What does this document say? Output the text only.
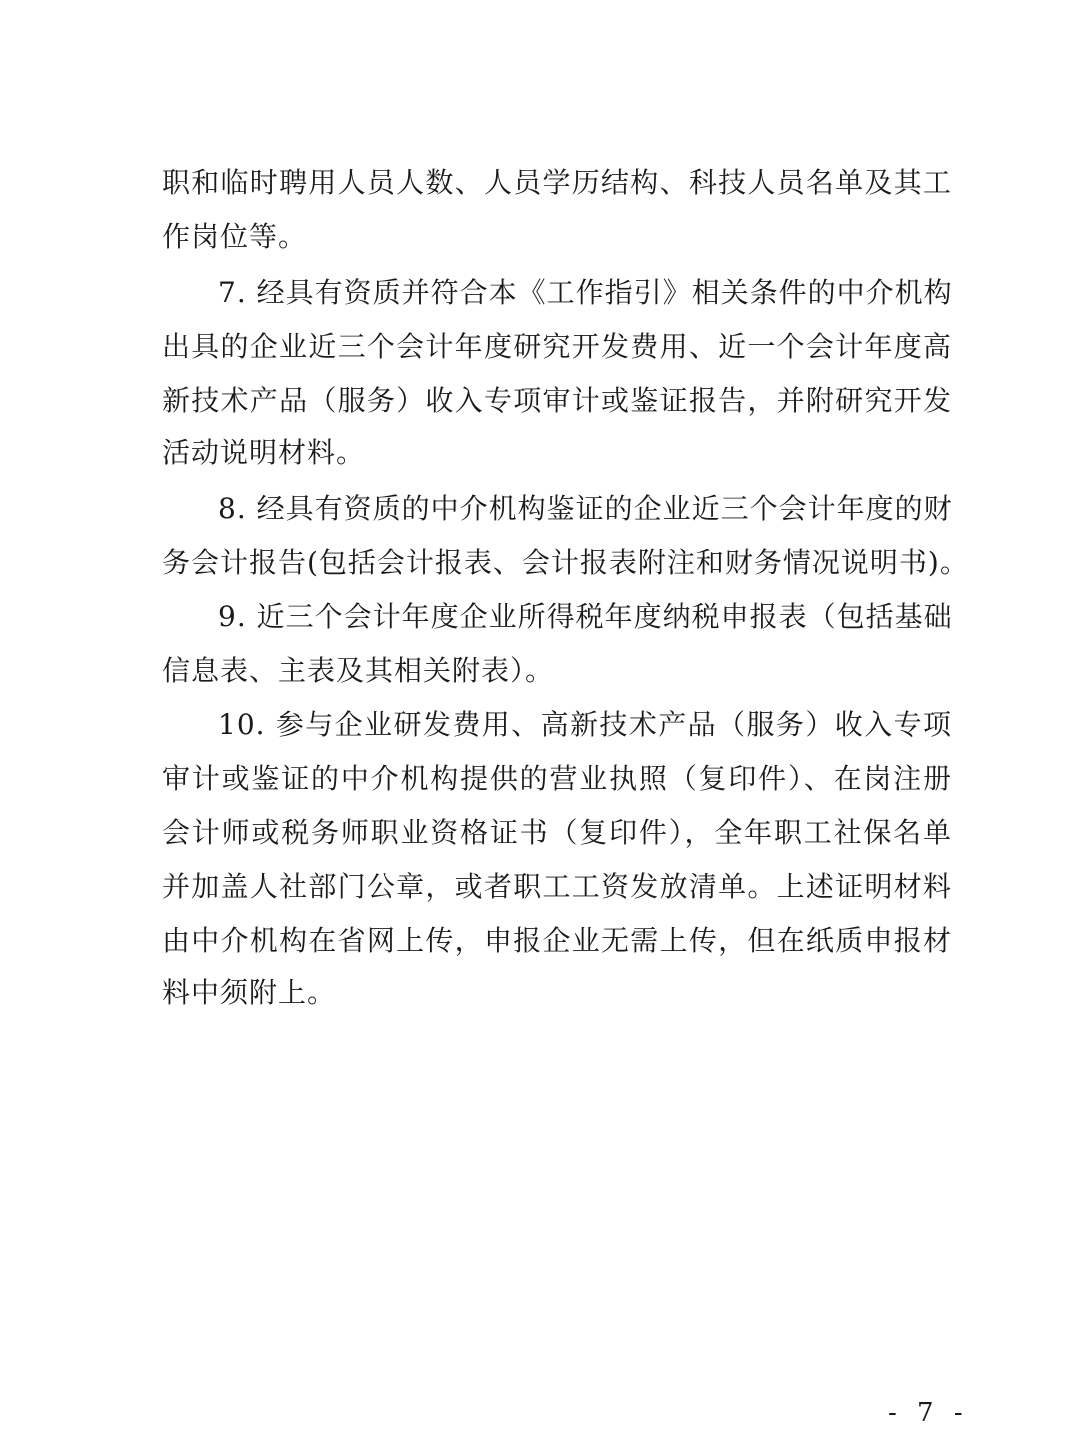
职和临时聘用人员人数、人员学历结构、科技人员名单及其工
作岗位等。
7. 经具有资质并符合本《工作指引》相关条件的中介机构
出具的企业近三个会计年度研究开发费用、近一个会计年度高
新技术产品（服务）收入专项审计或鉴证报告，并附研究开发
活动说明材料。
8. 经具有资质的中介机构鉴证的企业近三个会计年度的财
务会计报告(包括会计报表、会计报表附注和财务情况说明书)。
9. 近三个会计年度企业所得税年度纳税申报表（包括基础
信息表、主表及其相关附表）。
10. 参与企业研发费用、高新技术产品（服务）收入专项
审计或鉴证的中介机构提供的营业执照（复印件）、在岗注册
会计师或税务师职业资格证书（复印件），全年职工社保名单
并加盖人社部门公章，或者职工工资发放清单。上述证明材料
由中介机构在省网上传，申报企业无需上传，但在纸质申报材
料中须附上。
- 7 -
